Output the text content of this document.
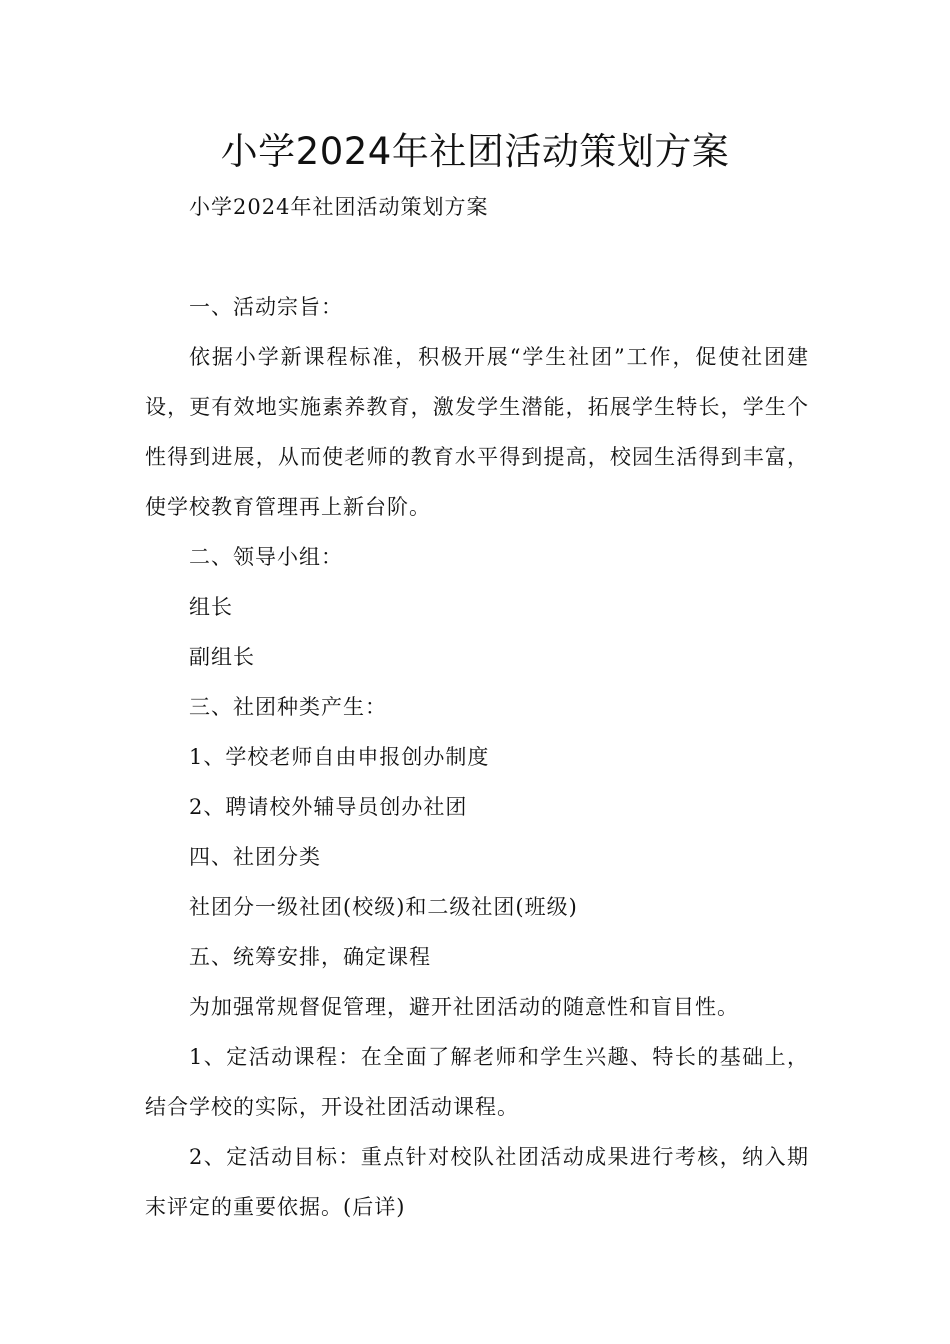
小学2024年社团活动策划方案

小学2024年社团活动策划方案

一、活动宗旨：

依据小学新课程标准，积极开展“学生社团”工作，促使社团建设，更有效地实施素养教育，激发学生潜能，拓展学生特长，学生个性得到进展，从而使老师的教育水平得到提高，校园生活得到丰富，使学校教育管理再上新台阶。

二、领导小组：

组长

副组长

三、社团种类产生：

1、学校老师自由申报创办制度

2、聘请校外辅导员创办社团

四、社团分类

社团分一级社团(校级)和二级社团(班级)

五、统筹安排，确定课程

为加强常规督促管理，避开社团活动的随意性和盲目性。

1、定活动课程：在全面了解老师和学生兴趣、特长的基础上，结合学校的实际，开设社团活动课程。

2、定活动目标：重点针对校队社团活动成果进行考核，纳入期末评定的重要依据。(后详)
